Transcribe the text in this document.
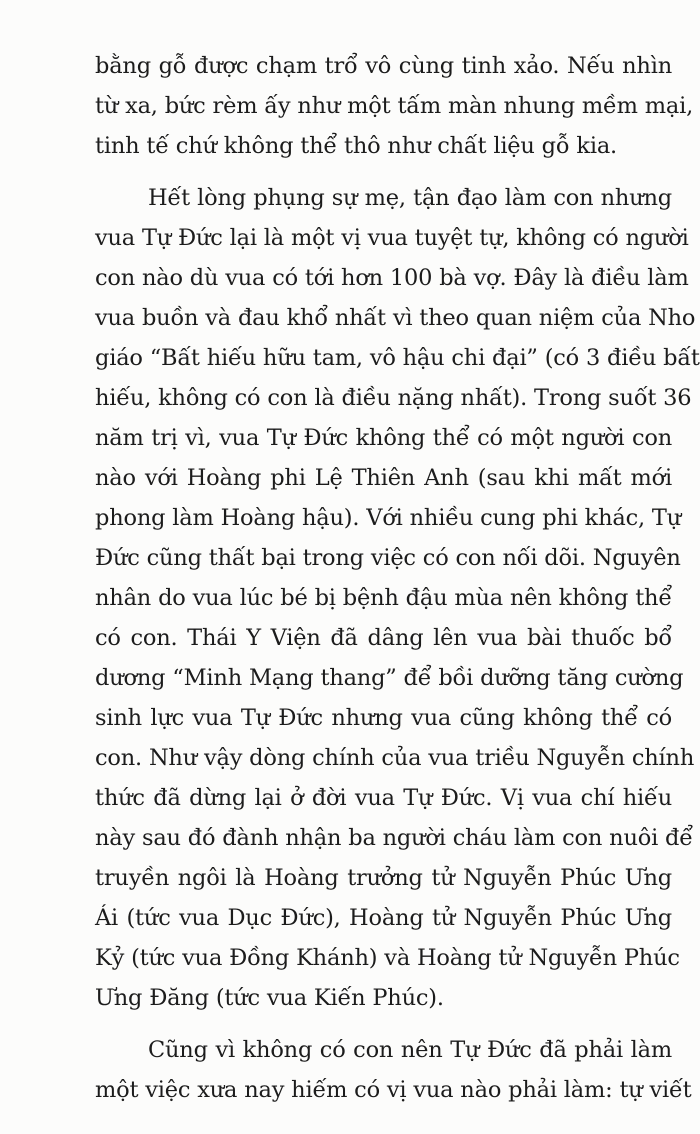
bằng gỗ được chạm trổ vô cùng tinh xảo. Nếu nhìn
từ xa, bức rèm ấy như một tấm màn nhung mềm mại,
tinh tế chứ không thể thô như chất liệu gỗ kia.
Hết lòng phụng sự mẹ, tận đạo làm con nhưng
vua Tự Đức lại là một vị vua tuyệt tự, không có người
con nào dù vua có tới hơn 100 bà vợ. Đây là điều làm
vua buồn và đau khổ nhất vì theo quan niệm của Nho
giáo “Bất hiếu hữu tam, vô hậu chi đại” (có 3 điều bất
hiếu, không có con là điều nặng nhất). Trong suốt 36
năm trị vì, vua Tự Đức không thể có một người con
nào với Hoàng phi Lệ Thiên Anh (sau khi mất mới
phong làm Hoàng hậu). Với nhiều cung phi khác, Tự
Đức cũng thất bại trong việc có con nối dõi. Nguyên
nhân do vua lúc bé bị bệnh đậu mùa nên không thể
có con. Thái Y Viện đã dâng lên vua bài thuốc bổ
dương “Minh Mạng thang” để bồi dưỡng tăng cường
sinh lực vua Tự Đức nhưng vua cũng không thể có
con. Như vậy dòng chính của vua triều Nguyễn chính
thức đã dừng lại ở đời vua Tự Đức. Vị vua chí hiếu
này sau đó đành nhận ba người cháu làm con nuôi để
truyền ngôi là Hoàng trưởng tử Nguyễn Phúc Ưng
Ái (tức vua Dục Đức), Hoàng tử Nguyễn Phúc Ưng
Kỷ (tức vua Đồng Khánh) và Hoàng tử Nguyễn Phúc
Ưng Đăng (tức vua Kiến Phúc).
Cũng vì không có con nên Tự Đức đã phải làm
một việc xưa nay hiếm có vị vua nào phải làm: tự viết
